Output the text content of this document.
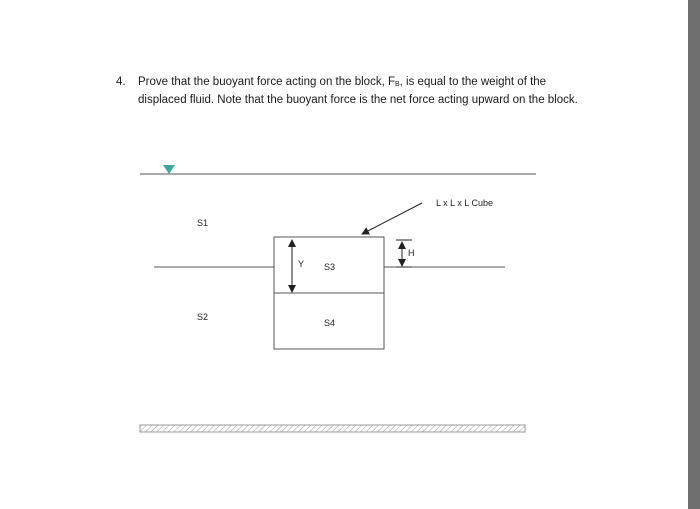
4.	Prove that the buoyant force acting on the block, $F_B$, is equal to the weight of the displaced fluid. Note that the buoyant force is the net force acting upward on the block.

L x L x L Cube
S1
S2
S3
S4
Y
H
